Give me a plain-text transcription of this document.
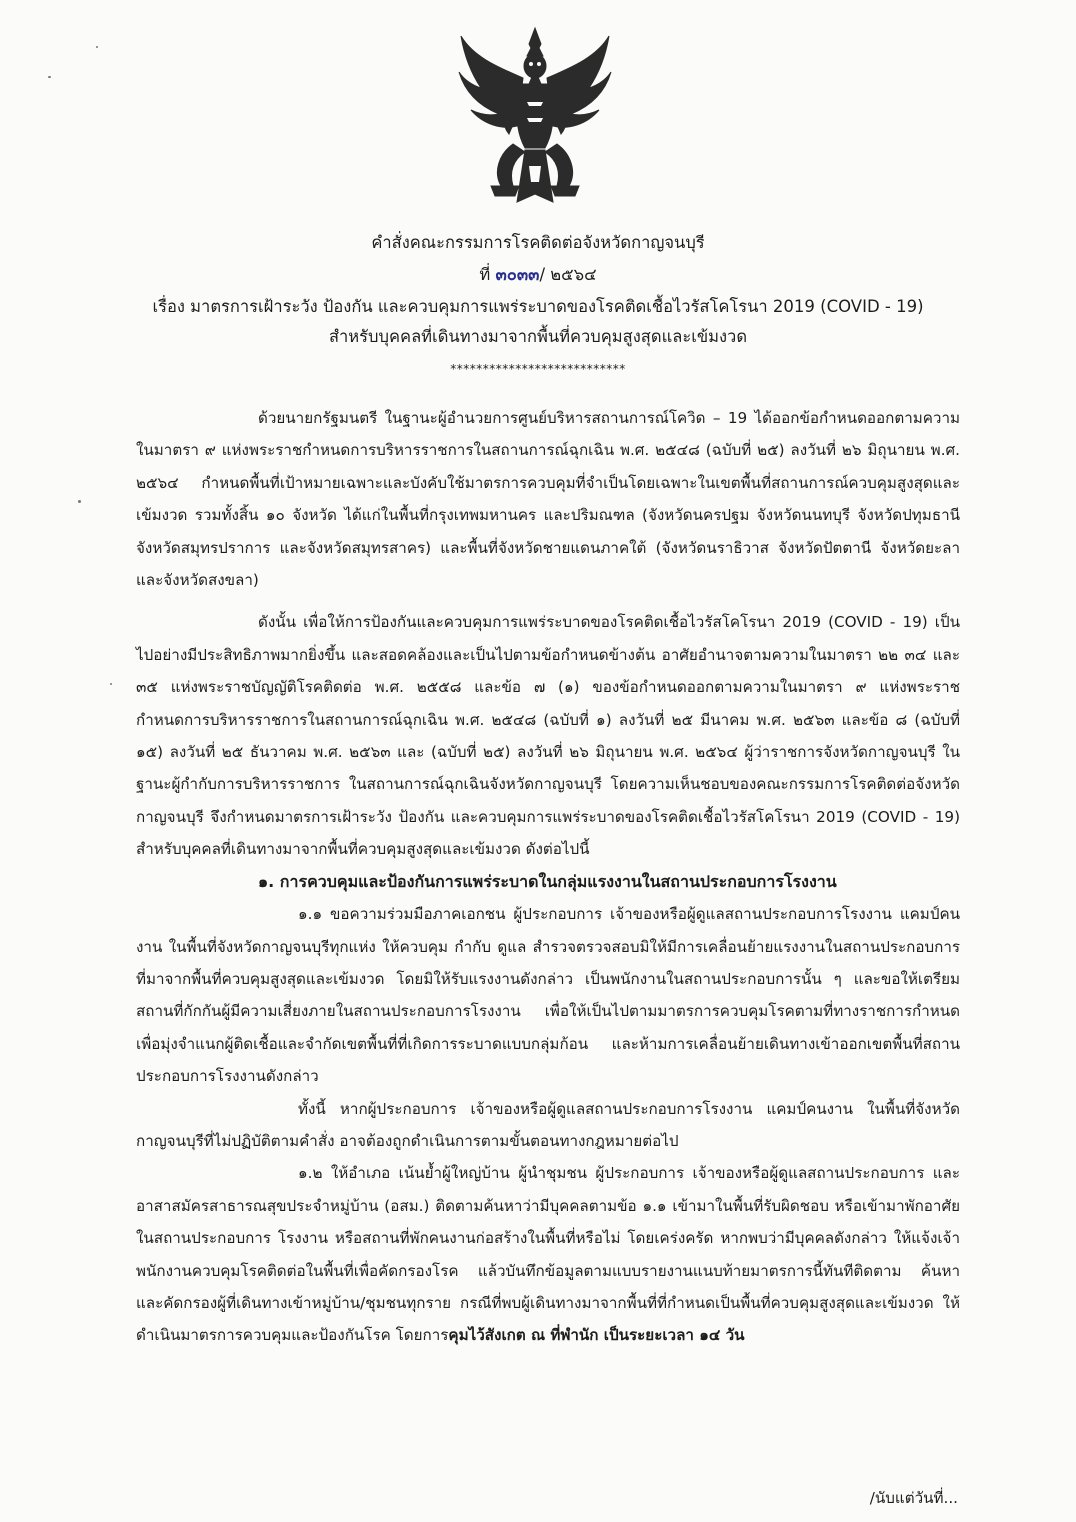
คำสั่งคณะกรรมการโรคติดต่อจังหวัดกาญจนบุรี
ที่ ๓๐๓๓/ ๒๕๖๔
เรื่อง มาตรการเฝ้าระวัง ป้องกัน และควบคุมการแพร่ระบาดของโรคติดเชื้อไวรัสโคโรนา 2019 (COVID - 19)
สำหรับบุคคลที่เดินทางมาจากพื้นที่ควบคุมสูงสุดและเข้มงวด
***************************

ด้วยนายกรัฐมนตรี ในฐานะผู้อำนวยการศูนย์บริหารสถานการณ์โควิด – 19 ได้ออกข้อกำหนดออกตามความในมาตรา ๙ แห่งพระราชกำหนดการบริหารราชการในสถานการณ์ฉุกเฉิน พ.ศ. ๒๕๔๘ (ฉบับที่ ๒๕) ลงวันที่ ๒๖ มิถุนายน พ.ศ. ๒๕๖๔ กำหนดพื้นที่เป้าหมายเฉพาะและบังคับใช้มาตรการควบคุมที่จำเป็นโดยเฉพาะในเขตพื้นที่สถานการณ์ควบคุมสูงสุดและเข้มงวด รวมทั้งสิ้น ๑๐ จังหวัด ได้แก่ในพื้นที่กรุงเทพมหานคร และปริมณฑล (จังหวัดนครปฐม จังหวัดนนทบุรี จังหวัดปทุมธานี จังหวัดสมุทรปราการ และจังหวัดสมุทรสาคร) และพื้นที่จังหวัดชายแดนภาคใต้ (จังหวัดนราธิวาส จังหวัดปัตตานี จังหวัดยะลา และจังหวัดสงขลา)

ดังนั้น เพื่อให้การป้องกันและควบคุมการแพร่ระบาดของโรคติดเชื้อไวรัสโคโรนา 2019 (COVID - 19) เป็นไปอย่างมีประสิทธิภาพมากยิ่งขึ้น และสอดคล้องและเป็นไปตามข้อกำหนดข้างต้น อาศัยอำนาจตามความในมาตรา ๒๒ ๓๔ และ ๓๕ แห่งพระราชบัญญัติโรคติดต่อ พ.ศ. ๒๕๕๘ และข้อ ๗ (๑) ของข้อกำหนดออกตามความในมาตรา ๙ แห่งพระราชกำหนดการบริหารราชการในสถานการณ์ฉุกเฉิน พ.ศ. ๒๕๔๘ (ฉบับที่ ๑) ลงวันที่ ๒๕ มีนาคม พ.ศ. ๒๕๖๓ และข้อ ๘ (ฉบับที่ ๑๕) ลงวันที่ ๒๕ ธันวาคม พ.ศ. ๒๕๖๓ และ (ฉบับที่ ๒๕) ลงวันที่ ๒๖ มิถุนายน พ.ศ. ๒๕๖๔ ผู้ว่าราชการจังหวัดกาญจนบุรี ในฐานะผู้กำกับการบริหารราชการ ในสถานการณ์ฉุกเฉินจังหวัดกาญจนบุรี โดยความเห็นชอบของคณะกรรมการโรคติดต่อจังหวัดกาญจนบุรี จึงกำหนดมาตรการเฝ้าระวัง ป้องกัน และควบคุมการแพร่ระบาดของโรคติดเชื้อไวรัสโคโรนา 2019 (COVID - 19) สำหรับบุคคลที่เดินทางมาจากพื้นที่ควบคุมสูงสุดและเข้มงวด ดังต่อไปนี้

๑. การควบคุมและป้องกันการแพร่ระบาดในกลุ่มแรงงานในสถานประกอบการโรงงาน

๑.๑ ขอความร่วมมือภาคเอกชน ผู้ประกอบการ เจ้าของหรือผู้ดูแลสถานประกอบการโรงงาน แคมป์คนงาน ในพื้นที่จังหวัดกาญจนบุรีทุกแห่ง ให้ควบคุม กำกับ ดูแล สำรวจตรวจสอบมิให้มีการเคลื่อนย้ายแรงงานในสถานประกอบการที่มาจากพื้นที่ควบคุมสูงสุดและเข้มงวด โดยมิให้รับแรงงานดังกล่าว เป็นพนักงานในสถานประกอบการนั้น ๆ และขอให้เตรียมสถานที่กักกันผู้มีความเสี่ยงภายในสถานประกอบการโรงงาน เพื่อให้เป็นไปตามมาตรการควบคุมโรคตามที่ทางราชการกำหนด เพื่อมุ่งจำแนกผู้ติดเชื้อและจำกัดเขตพื้นที่ที่เกิดการระบาดแบบกลุ่มก้อน และห้ามการเคลื่อนย้ายเดินทางเข้าออกเขตพื้นที่สถานประกอบการโรงงานดังกล่าว

ทั้งนี้ หากผู้ประกอบการ เจ้าของหรือผู้ดูแลสถานประกอบการโรงงาน แคมป์คนงาน ในพื้นที่จังหวัดกาญจนบุรีที่ไม่ปฏิบัติตามคำสั่ง อาจต้องถูกดำเนินการตามขั้นตอนทางกฎหมายต่อไป

๑.๒ ให้อำเภอ เน้นย้ำผู้ใหญ่บ้าน ผู้นำชุมชน ผู้ประกอบการ เจ้าของหรือผู้ดูแลสถานประกอบการ และอาสาสมัครสาธารณสุขประจำหมู่บ้าน (อสม.) ติดตามค้นหาว่ามีบุคคลตามข้อ ๑.๑ เข้ามาในพื้นที่รับผิดชอบ หรือเข้ามาพักอาศัยในสถานประกอบการ โรงงาน หรือสถานที่พักคนงานก่อสร้างในพื้นที่หรือไม่ โดยเคร่งครัด หากพบว่ามีบุคคลดังกล่าว ให้แจ้งเจ้าพนักงานควบคุมโรคติดต่อในพื้นที่เพื่อคัดกรองโรค แล้วบันทึกข้อมูลตามแบบรายงานแนบท้ายมาตรการนี้ทันทีติดตาม ค้นหา และคัดกรองผู้ที่เดินทางเข้าหมู่บ้าน/ชุมชนทุกราย กรณีที่พบผู้เดินทางมาจากพื้นที่ที่กำหนดเป็นพื้นที่ควบคุมสูงสุดและเข้มงวด ให้ดำเนินมาตรการควบคุมและป้องกันโรค โดยการคุมไว้สังเกต ณ ที่พำนัก เป็นระยะเวลา ๑๔ วัน

/นับแต่วันที่...
